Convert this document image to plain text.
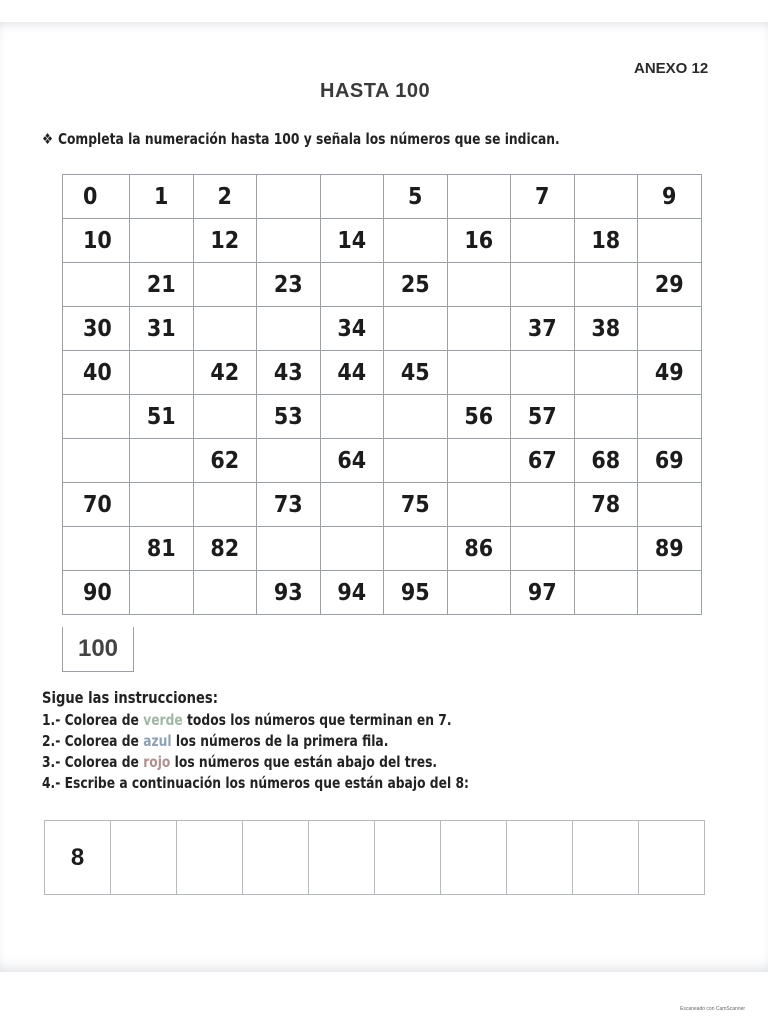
ANEXO 12
HASTA 100
❖ Completa la numeración hasta 100 y señala los números que se indican.
0	1	2			5		7		9
10		12		14		16		18	
	21		23		25				29
30	31			34			37	38	
40		42	43	44	45				49
	51		53			56	57		
		62		64			67	68	69
70			73		75			78	
	81	82				86			89
90			93	94	95		97		
100
Sigue las instrucciones:
1.- Colorea de verde todos los números que terminan en 7.
2.- Colorea de azul los números de la primera fila.
3.- Colorea de rojo los números que están abajo del tres.
4.- Escribe a continuación los números que están abajo del 8:
8									
Escaneado con CamScanner
